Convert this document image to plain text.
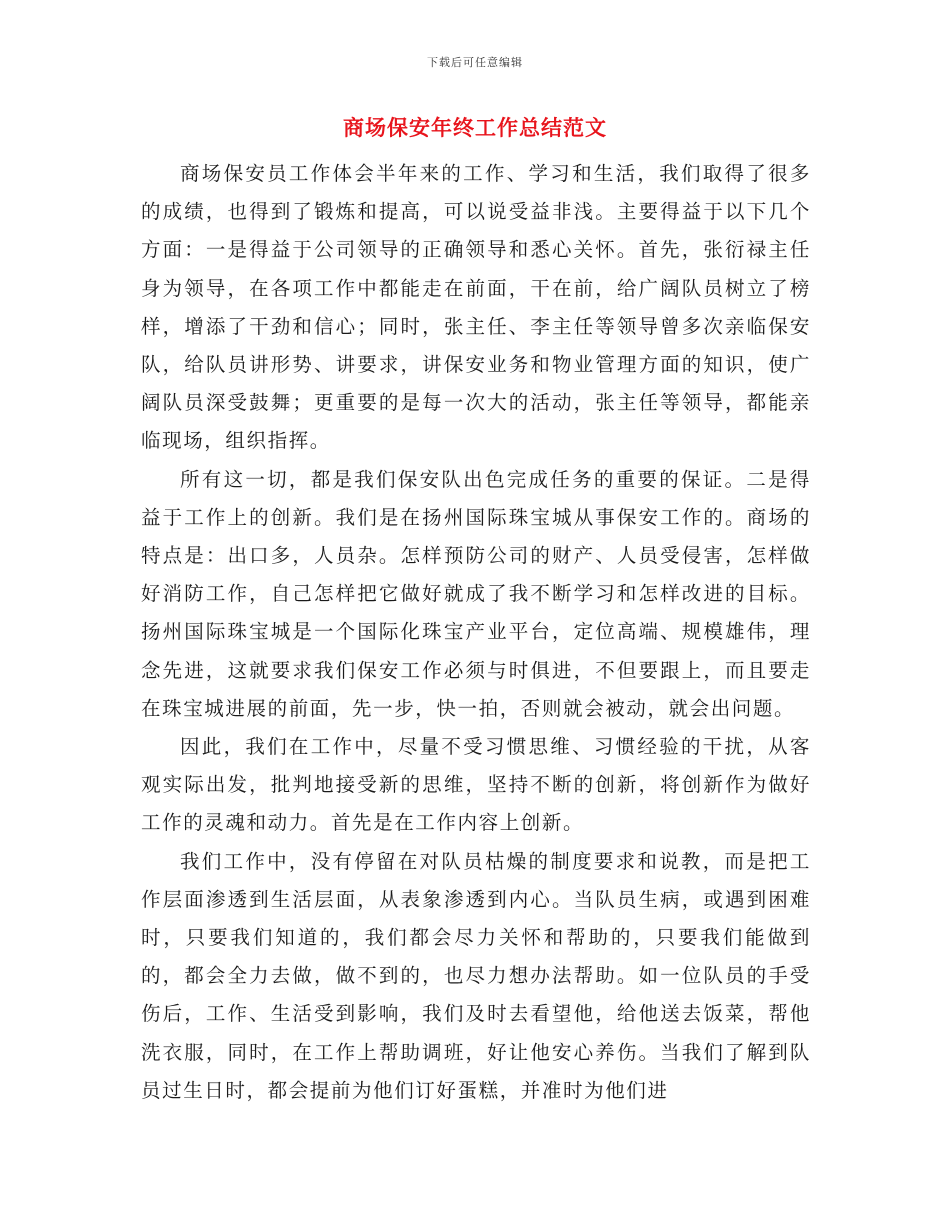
下载后可任意编辑
商场保安年终工作总结范文

商场保安员工作体会半年来的工作、学习和生活，我们取得了很多的成绩，也得到了锻炼和提高，可以说受益非浅。主要得益于以下几个方面：一是得益于公司领导的正确领导和悉心关怀。首先，张衍禄主任身为领导，在各项工作中都能走在前面，干在前，给广阔队员树立了榜样，增添了干劲和信心；同时，张主任、李主任等领导曾多次亲临保安队，给队员讲形势、讲要求，讲保安业务和物业管理方面的知识，使广阔队员深受鼓舞；更重要的是每一次大的活动，张主任等领导，都能亲临现场，组织指挥。

所有这一切，都是我们保安队出色完成任务的重要的保证。二是得益于工作上的创新。我们是在扬州国际珠宝城从事保安工作的。商场的特点是：出口多，人员杂。怎样预防公司的财产、人员受侵害，怎样做好消防工作，自己怎样把它做好就成了我不断学习和怎样改进的目标。扬州国际珠宝城是一个国际化珠宝产业平台，定位高端、规模雄伟，理念先进，这就要求我们保安工作必须与时俱进，不但要跟上，而且要走在珠宝城进展的前面，先一步，快一拍，否则就会被动，就会出问题。

因此，我们在工作中，尽量不受习惯思维、习惯经验的干扰，从客观实际出发，批判地接受新的思维，坚持不断的创新，将创新作为做好工作的灵魂和动力。首先是在工作内容上创新。

我们工作中，没有停留在对队员枯燥的制度要求和说教，而是把工作层面渗透到生活层面，从表象渗透到内心。当队员生病，或遇到困难时，只要我们知道的，我们都会尽力关怀和帮助的，只要我们能做到的，都会全力去做，做不到的，也尽力想办法帮助。如一位队员的手受伤后，工作、生活受到影响，我们及时去看望他，给他送去饭菜，帮他洗衣服，同时，在工作上帮助调班，好让他安心养伤。当我们了解到队员过生日时，都会提前为他们订好蛋糕，并准时为他们进
